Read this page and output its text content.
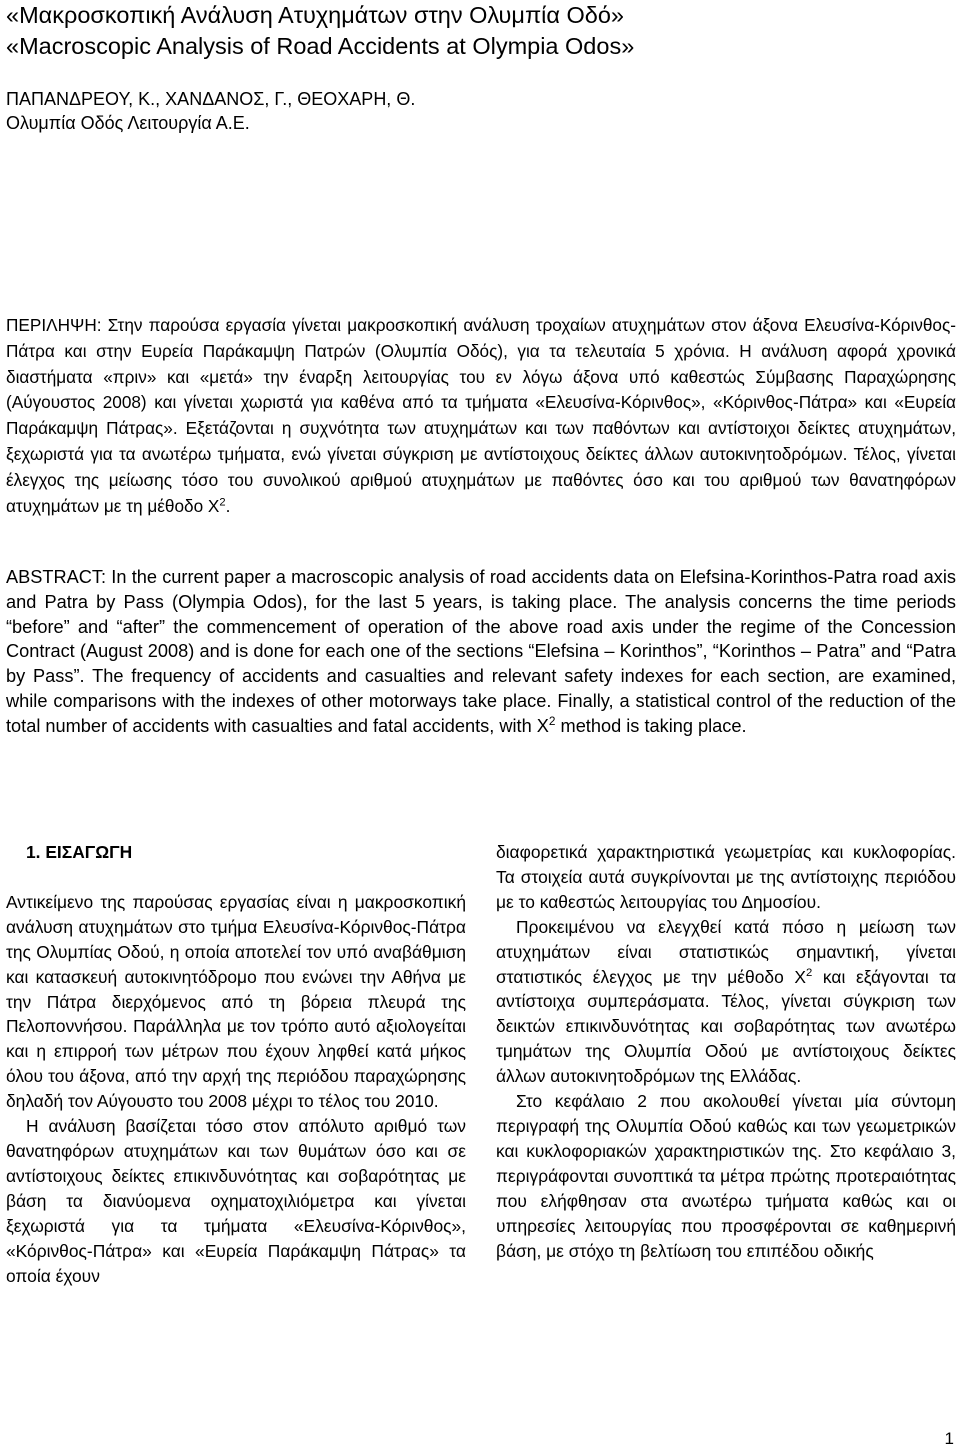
«Μακροσκοπική Ανάλυση Ατυχημάτων στην Ολυμπία Οδό»
«Macroscopic Analysis of Road Accidents at Olympia Odos»
ΠΑΠΑΝΔΡΕΟΥ, Κ., ΧΑΝΔΑΝΟΣ, Γ., ΘΕΟΧΑΡΗ, Θ.
Ολυμπία Οδός Λειτουργία Α.Ε.
ΠΕΡΙΛΗΨΗ: Στην παρούσα εργασία γίνεται μακροσκοπική ανάλυση τροχαίων ατυχημάτων στον άξονα Ελευσίνα-Κόρινθος-Πάτρα και στην Ευρεία Παράκαμψη Πατρών (Ολυμπία Οδός), για τα τελευταία 5 χρόνια. Η ανάλυση αφορά χρονικά διαστήματα «πριν» και «μετά» την έναρξη λειτουργίας του εν λόγω άξονα υπό καθεστώς Σύμβασης Παραχώρησης (Αύγουστος 2008) και γίνεται χωριστά για καθένα από τα τμήματα «Ελευσίνα-Κόρινθος», «Κόρινθος-Πάτρα» και «Ευρεία Παράκαμψη Πάτρας». Εξετάζονται η συχνότητα των ατυχημάτων και των παθόντων και αντίστοιχοι δείκτες ατυχημάτων, ξεχωριστά για τα ανωτέρω τμήματα, ενώ γίνεται σύγκριση με αντίστοιχους δείκτες άλλων αυτοκινητοδρόμων. Τέλος, γίνεται έλεγχος της μείωσης τόσο του συνολικού αριθμού ατυχημάτων με παθόντες όσο και του αριθμού των θανατηφόρων ατυχημάτων με τη μέθοδο $X^2$.
ABSTRACT: In the current paper a macroscopic analysis of road accidents data on Elefsina-Korinthos-Patra road axis and Patra by Pass (Olympia Odos), for the last 5 years, is taking place. The analysis concerns the time periods “before” and “after” the commencement of operation of the above road axis under the regime of the Concession Contract (August 2008) and is done for each one of the sections “Elefsina – Korinthos”, “Korinthos – Patra” and “Patra by Pass”. The frequency of accidents and casualties and relevant safety indexes for each section, are examined, while comparisons with the indexes of other motorways take place. Finally, a statistical control of the reduction of the total number of accidents with casualties and fatal accidents, with $X^2$ method is taking place.

1. ΕΙΣΑΓΩΓΗ

Αντικείμενο της παρούσας εργασίας είναι η μακροσκοπική ανάλυση ατυχημάτων στο τμήμα Ελευσίνα-Κόρινθος-Πάτρα της Ολυμπίας Οδού, η οποία αποτελεί τον υπό αναβάθμιση και κατασκευή αυτοκινητόδρομο που ενώνει την Αθήνα με την Πάτρα διερχόμενος από τη βόρεια πλευρά της Πελοποννήσου. Παράλληλα με τον τρόπο αυτό αξιολογείται και η επιρροή των μέτρων που έχουν ληφθεί κατά μήκος όλου του άξονα, από την αρχή της περιόδου παραχώρησης δηλαδή τον Αύγουστο του 2008 μέχρι το τέλος του 2010.

Η ανάλυση βασίζεται τόσο στον απόλυτο αριθμό των θανατηφόρων ατυχημάτων και των θυμάτων όσο και σε αντίστοιχους δείκτες επικινδυνότητας και σοβαρότητας με βάση τα διανύομενα οχηματοχιλιόμετρα και γίνεται ξεχωριστά για τα τμήματα «Ελευσίνα-Κόρινθος», «Κόρινθος-Πάτρα» και «Ευρεία Παράκαμψη Πάτρας» τα οποία έχουν

διαφορετικά χαρακτηριστικά γεωμετρίας και κυκλοφορίας. Τα στοιχεία αυτά συγκρίνονται με της αντίστοιχης περιόδου με το καθεστώς λειτουργίας του Δημοσίου.

Προκειμένου να ελεγχθεί κατά πόσο η μείωση των ατυχημάτων είναι στατιστικώς σημαντική, γίνεται στατιστικός έλεγχος με την μέθοδο $X^2$ και εξάγονται τα αντίστοιχα συμπεράσματα. Τέλος, γίνεται σύγκριση των δεικτών επικινδυνότητας και σοβαρότητας των ανωτέρω τμημάτων της Ολυμπία Οδού με αντίστοιχους δείκτες άλλων αυτοκινητοδρόμων της Ελλάδας.

Στο κεφάλαιο 2 που ακολουθεί γίνεται μία σύντομη περιγραφή της Ολυμπία Οδού καθώς και των γεωμετρικών και κυκλοφοριακών χαρακτηριστικών της. Στο κεφάλαιο 3, περιγράφονται συνοπτικά τα μέτρα πρώτης προτεραιότητας που ελήφθησαν στα ανωτέρω τμήματα καθώς και οι υπηρεσίες λειτουργίας που προσφέρονται σε καθημερινή βάση, με στόχο τη βελτίωση του επιπέδου οδικής

1
